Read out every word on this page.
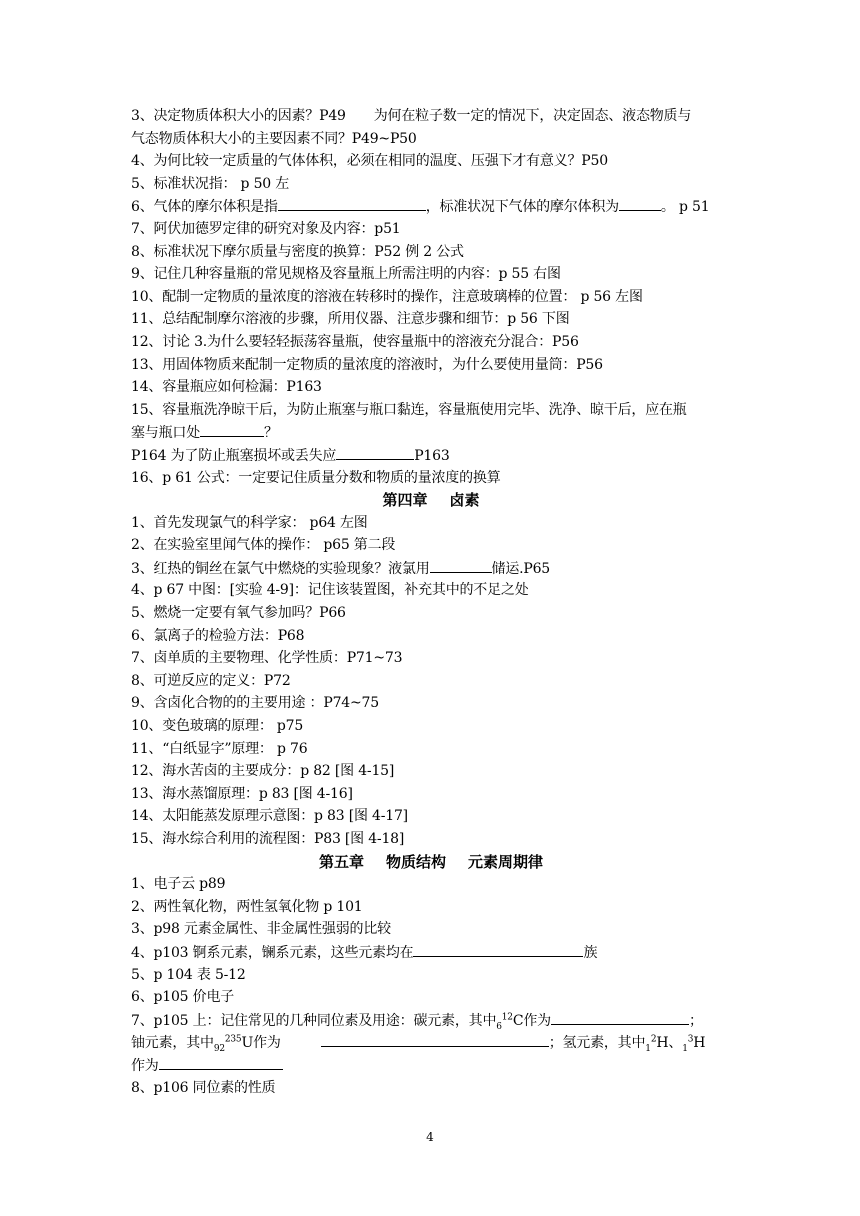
3、决定物质体积大小的因素？P49 为何在粒子数一定的情况下，决定固态、液态物质与
气态物质体积大小的主要因素不同？P49~P50
4、为何比较一定质量的气体体积，必须在相同的温度、压强下才有意义？P50
5、标准状况指： p 50 左
6、气体的摩尔体积是指	，标准状况下气体的摩尔体积为	。 p 51
7、阿伏加德罗定律的研究对象及内容：p51
8、标准状况下摩尔质量与密度的换算：P52 例 2 公式
9、记住几种容量瓶的常见规格及容量瓶上所需注明的内容：p 55 右图
10、配制一定物质的量浓度的溶液在转移时的操作，注意玻璃棒的位置： p 56 左图
11、总结配制摩尔溶液的步骤，所用仪器、注意步骤和细节：p 56 下图
12、讨论 3.为什么要轻轻振荡容量瓶，使容量瓶中的溶液充分混合：P56
13、用固体物质来配制一定物质的量浓度的溶液时，为什么要使用量筒：P56
14、容量瓶应如何检漏：P163
15、容量瓶洗净晾干后，为防止瓶塞与瓶口黏连，容量瓶使用完毕、洗净、晾干后，应在瓶
塞与瓶口处	？
P164 为了防止瓶塞损坏或丢失应	P163
16、p 61 公式：一定要记住质量分数和物质的量浓度的换算
第四章 卤素
1、首先发现氯气的科学家： p64 左图
2、在实验室里闻气体的操作： p65 第二段
3、红热的铜丝在氯气中燃烧的实验现象？液氯用	储运.P65
4、p 67 中图：[实验 4-9]：记住该装置图，补充其中的不足之处
5、燃烧一定要有氧气参加吗？P66
6、氯离子的检验方法：P68
7、卤单质的主要物理、化学性质：P71~73
8、可逆反应的定义：P72
9、含卤化合物的的主要用途 ：P74~75
10、变色玻璃的原理： p75
11、“白纸显字”原理： p 76
12、海水苦卤的主要成分：p 82 [图 4-15]
13、海水蒸馏原理：p 83 [图 4-16]
14、太阳能蒸发原理示意图：p 83 [图 4-17]
15、海水综合利用的流程图：P83 [图 4-18]
第五章 物质结构 元素周期律
1、电子云 p89
2、两性氧化物，两性氢氧化物 p 101
3、p98 元素金属性、非金属性强弱的比较
4、p103 锕系元素，镧系元素，这些元素均在	族
5、p 104 表 5-12
6、p105 价电子
7、p105 上：记住常见的几种同位素及用途：碳元素，其中$_6^{12}$C作为	；
铀元素，其中$_{92}^{235}$U作为	；氢元素，其中$_1^2$H、$_1^3$H
作为
8、p106 同位素的性质
4
